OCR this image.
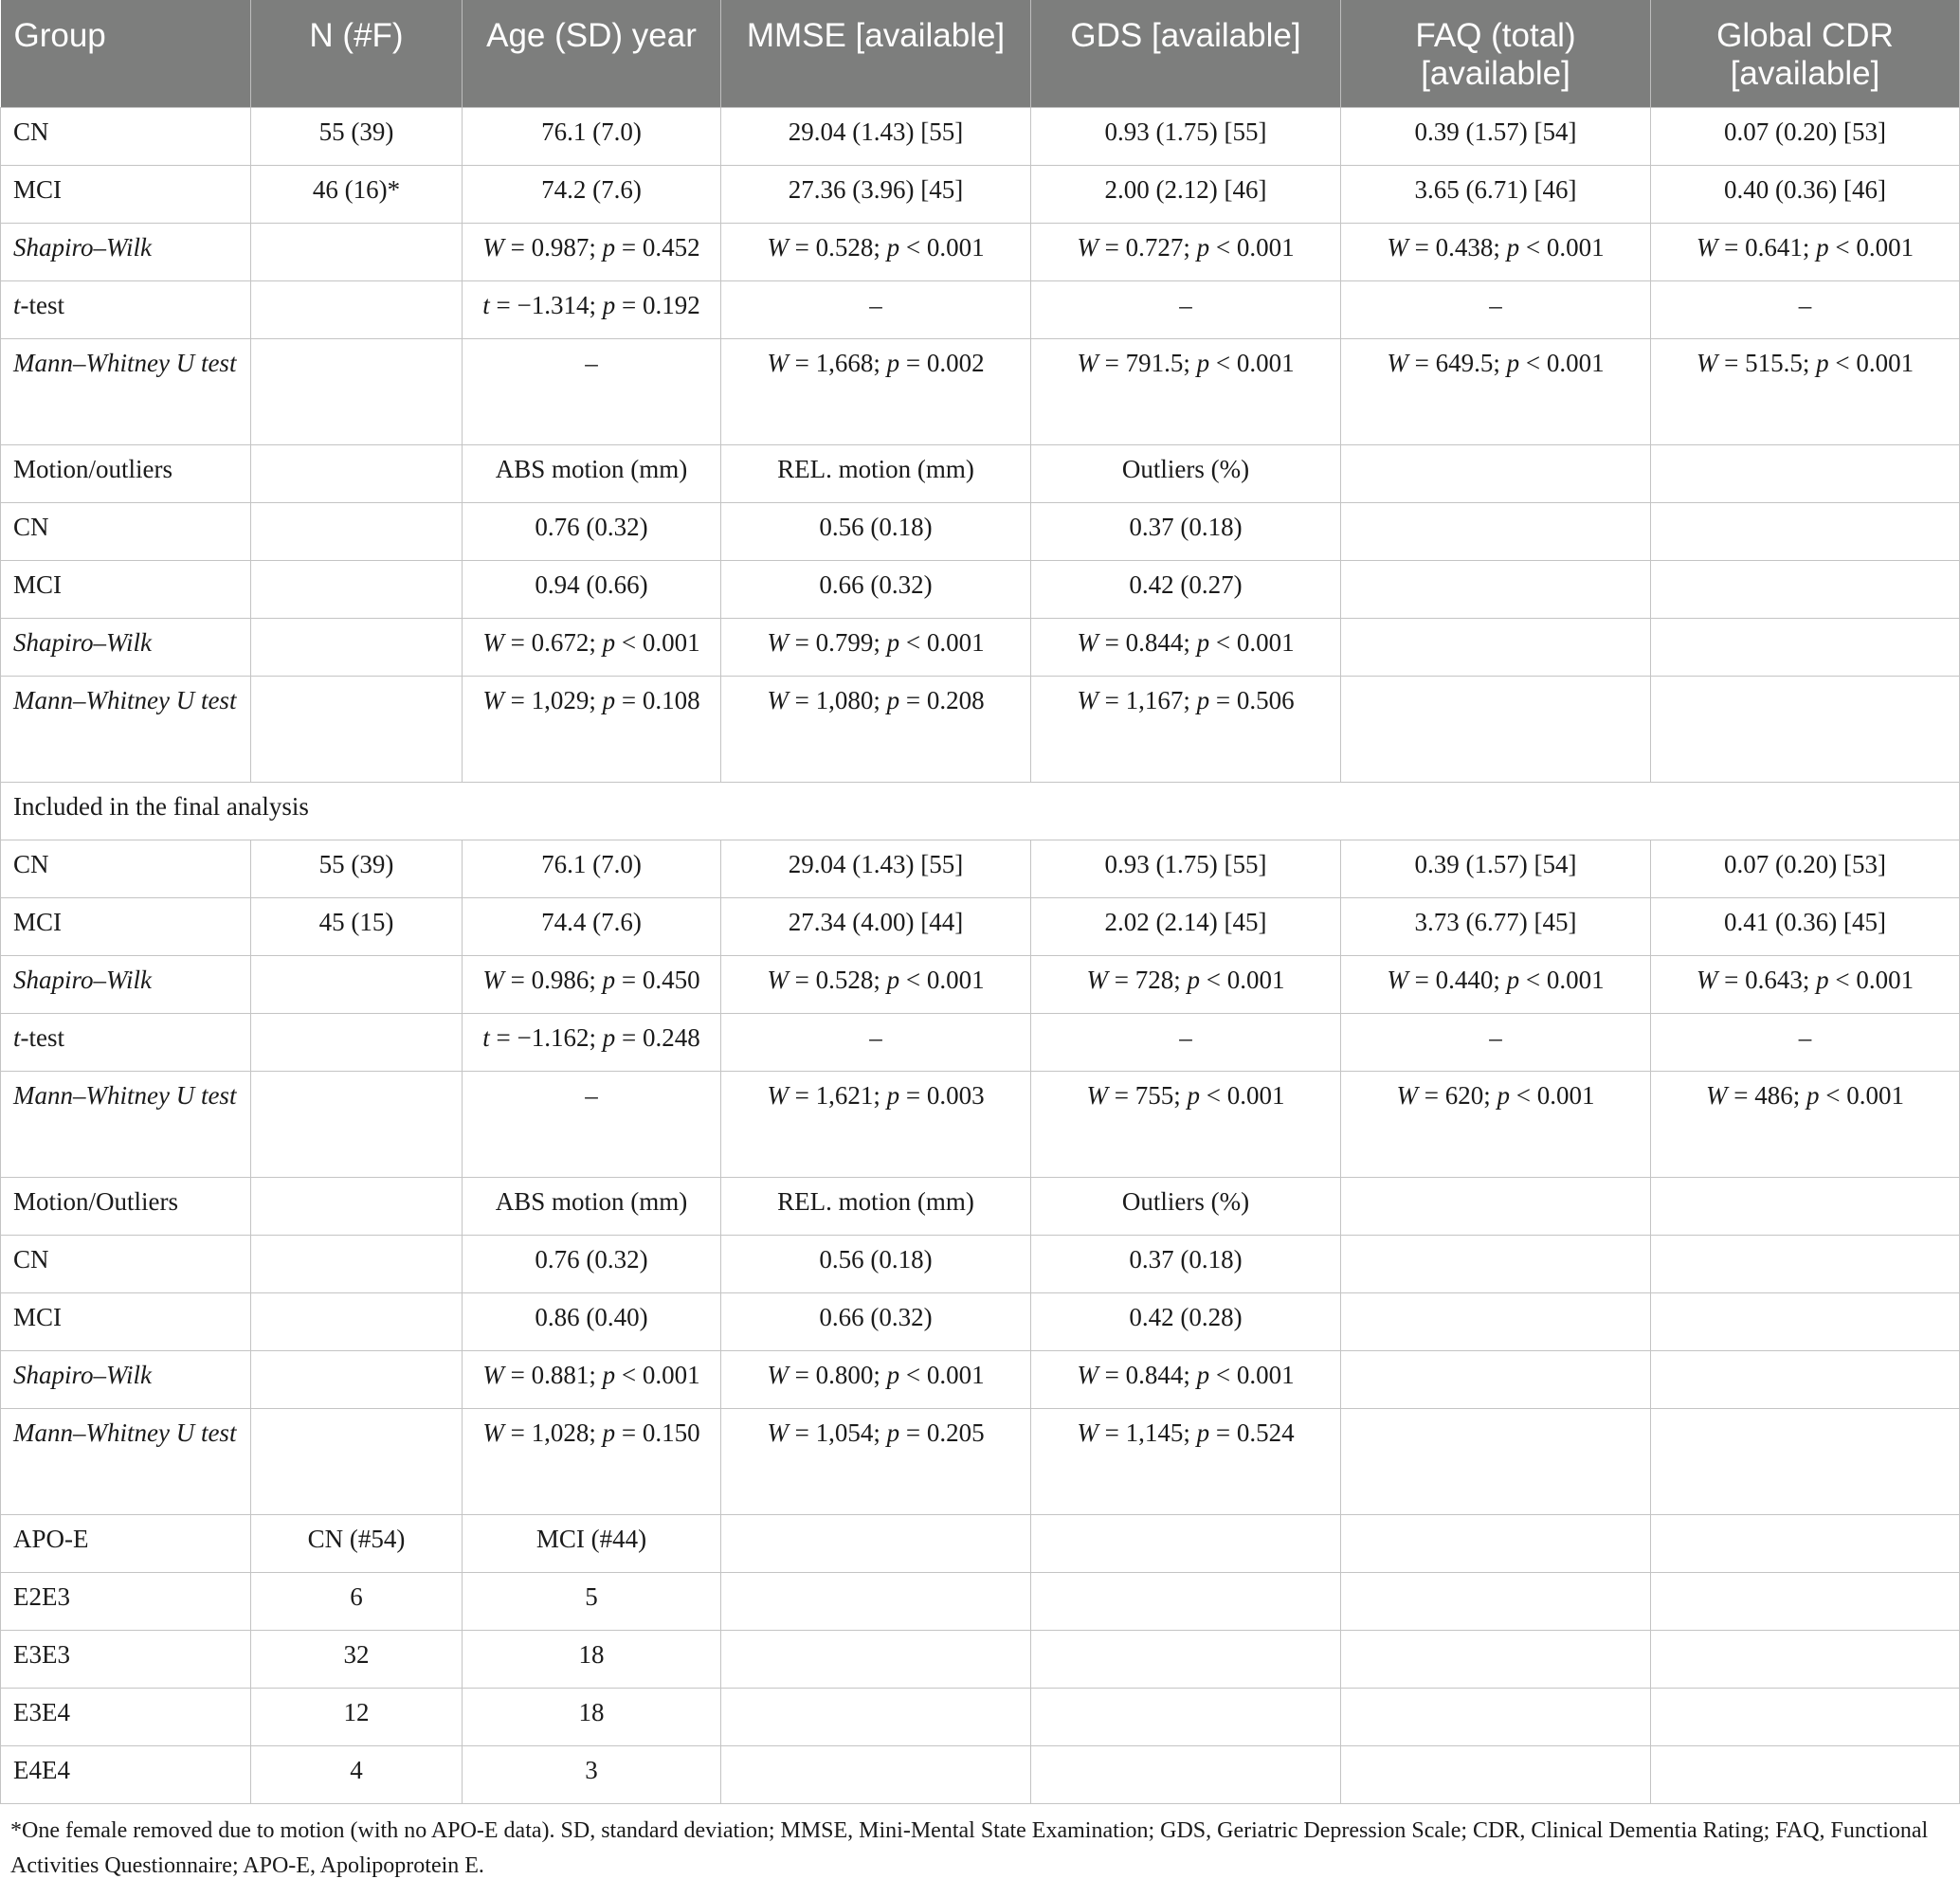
Group	N (#F)	Age (SD) year	MMSE [available]	GDS [available]	FAQ (total) [available]	Global CDR [available]

CN	55 (39)	76.1 (7.0)	29.04 (1.43) [55]	0.93 (1.75) [55]	0.39 (1.57) [54]	0.07 (0.20) [53]
MCI	46 (16)*	74.2 (7.6)	27.36 (3.96) [45]	2.00 (2.12) [46]	3.65 (6.71) [46]	0.40 (0.36) [46]
Shapiro–Wilk		W = 0.987; p = 0.452	W = 0.528; p < 0.001	W = 0.727; p < 0.001	W = 0.438; p < 0.001	W = 0.641; p < 0.001
t-test		t = −1.314; p = 0.192	–	–	–	–
Mann–Whitney U test		–	W = 1,668; p = 0.002	W = 791.5; p < 0.001	W = 649.5; p < 0.001	W = 515.5; p < 0.001
Motion/outliers		ABS motion (mm)	REL. motion (mm)	Outliers (%)		
CN		0.76 (0.32)	0.56 (0.18)	0.37 (0.18)		
MCI		0.94 (0.66)	0.66 (0.32)	0.42 (0.27)		
Shapiro–Wilk		W = 0.672; p < 0.001	W = 0.799; p < 0.001	W = 0.844; p < 0.001		
Mann–Whitney U test		W = 1,029; p = 0.108	W = 1,080; p = 0.208	W = 1,167; p = 0.506		
Included in the final analysis						
CN	55 (39)	76.1 (7.0)	29.04 (1.43) [55]	0.93 (1.75) [55]	0.39 (1.57) [54]	0.07 (0.20) [53]
MCI	45 (15)	74.4 (7.6)	27.34 (4.00) [44]	2.02 (2.14) [45]	3.73 (6.77) [45]	0.41 (0.36) [45]
Shapiro–Wilk		W = 0.986; p = 0.450	W = 0.528; p < 0.001	W = 728; p < 0.001	W = 0.440; p < 0.001	W = 0.643; p < 0.001
t-test		t = −1.162; p = 0.248	–	–	–	–
Mann–Whitney U test		–	W = 1,621; p = 0.003	W = 755; p < 0.001	W = 620; p < 0.001	W = 486; p < 0.001
Motion/Outliers		ABS motion (mm)	REL. motion (mm)	Outliers (%)		
CN		0.76 (0.32)	0.56 (0.18)	0.37 (0.18)		
MCI		0.86 (0.40)	0.66 (0.32)	0.42 (0.28)		
Shapiro–Wilk		W = 0.881; p < 0.001	W = 0.800; p < 0.001	W = 0.844; p < 0.001		
Mann–Whitney U test		W = 1,028; p = 0.150	W = 1,054; p = 0.205	W = 1,145; p = 0.524		
APO-E	CN (#54)	MCI (#44)				
E2E3	6	5				
E3E3	32	18				
E3E4	12	18				
E4E4	4	3				
*One female removed due to motion (with no APO-E data). SD, standard deviation; MMSE, Mini-Mental State Examination; GDS, Geriatric Depression Scale; CDR, Clinical Dementia Rating; FAQ, Functional Activities Questionnaire; APO-E, Apolipoprotein E.
